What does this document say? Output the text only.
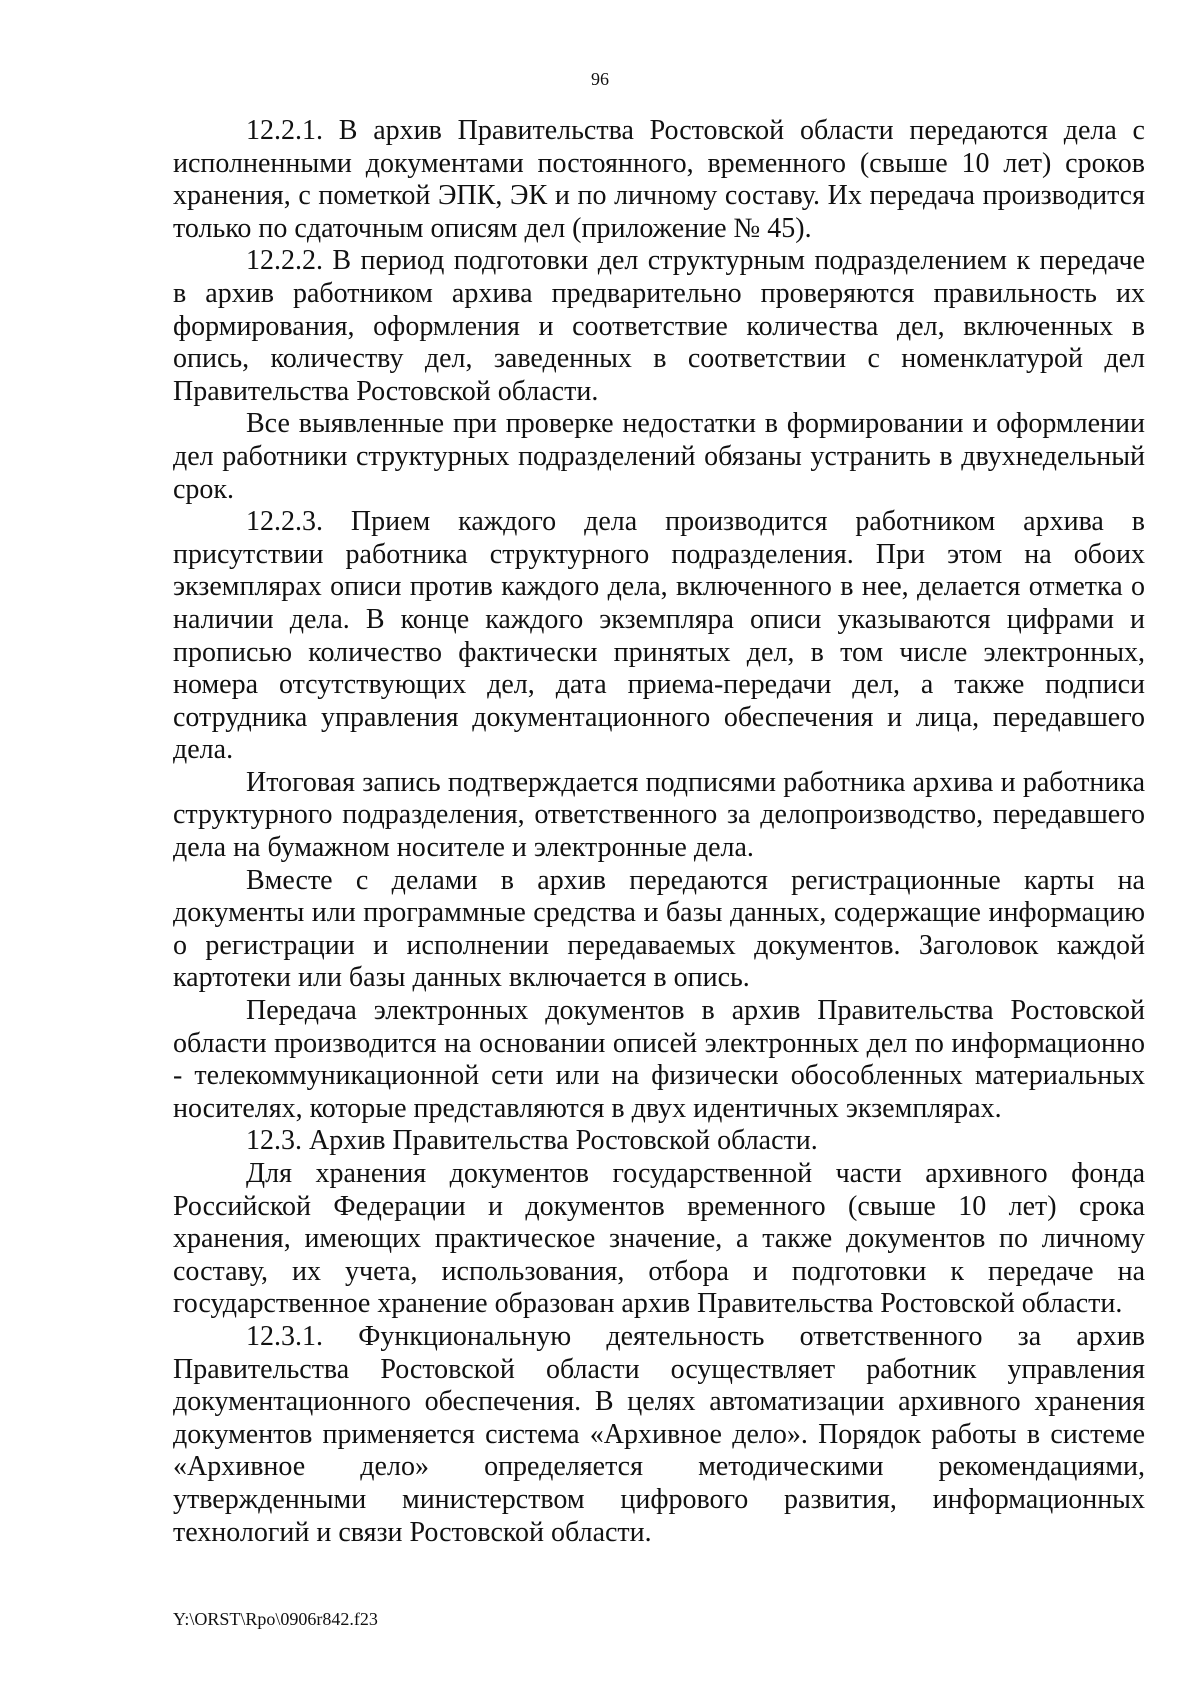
96

12.2.1. В архив Правительства Ростовской области передаются дела с исполненными документами постоянного, временного (свыше 10 лет) сроков хранения, с пометкой ЭПК, ЭК и по личному составу. Их передача производится только по сдаточным описям дел (приложение № 45).

12.2.2. В период подготовки дел структурным подразделением к передаче в архив работником архива предварительно проверяются правильность их формирования, оформления и соответствие количества дел, включенных в опись, количеству дел, заведенных в соответствии с номенклатурой дел Правительства Ростовской области.

Все выявленные при проверке недостатки в формировании и оформлении дел работники структурных подразделений обязаны устранить в двухнедельный срок.

12.2.3. Прием каждого дела производится работником архива в присутствии работника структурного подразделения. При этом на обоих экземплярах описи против каждого дела, включенного в нее, делается отметка о наличии дела. В конце каждого экземпляра описи указываются цифрами и прописью количество фактически принятых дел, в том числе электронных, номера отсутствующих дел, дата приема-передачи дел, а также подписи сотрудника управления документационного обеспечения и лица, передавшего дела.

Итоговая запись подтверждается подписями работника архива и работника структурного подразделения, ответственного за делопроизводство, передавшего дела на бумажном носителе и электронные дела.

Вместе с делами в архив передаются регистрационные карты на документы или программные средства и базы данных, содержащие информацию о регистрации и исполнении передаваемых документов. Заголовок каждой картотеки или базы данных включается в опись.

Передача электронных документов в архив Правительства Ростовской области производится на основании описей электронных дел по информационно - телекоммуникационной сети или на физически обособленных материальных носителях, которые представляются в двух идентичных экземплярах.

12.3. Архив Правительства Ростовской области.

Для хранения документов государственной части архивного фонда Российской Федерации и документов временного (свыше 10 лет) срока хранения, имеющих практическое значение, а также документов по личному составу, их учета, использования, отбора и подготовки к передаче на государственное хранение образован архив Правительства Ростовской области.

12.3.1. Функциональную деятельность ответственного за архив Правительства Ростовской области осуществляет работник управления документационного обеспечения. В целях автоматизации архивного хранения документов применяется система «Архивное дело». Порядок работы в системе «Архивное дело» определяется методическими рекомендациями, утвержденными министерством цифрового развития, информационных технологий и связи Ростовской области.

Y:\ORST\Rpo\0906r842.f23
